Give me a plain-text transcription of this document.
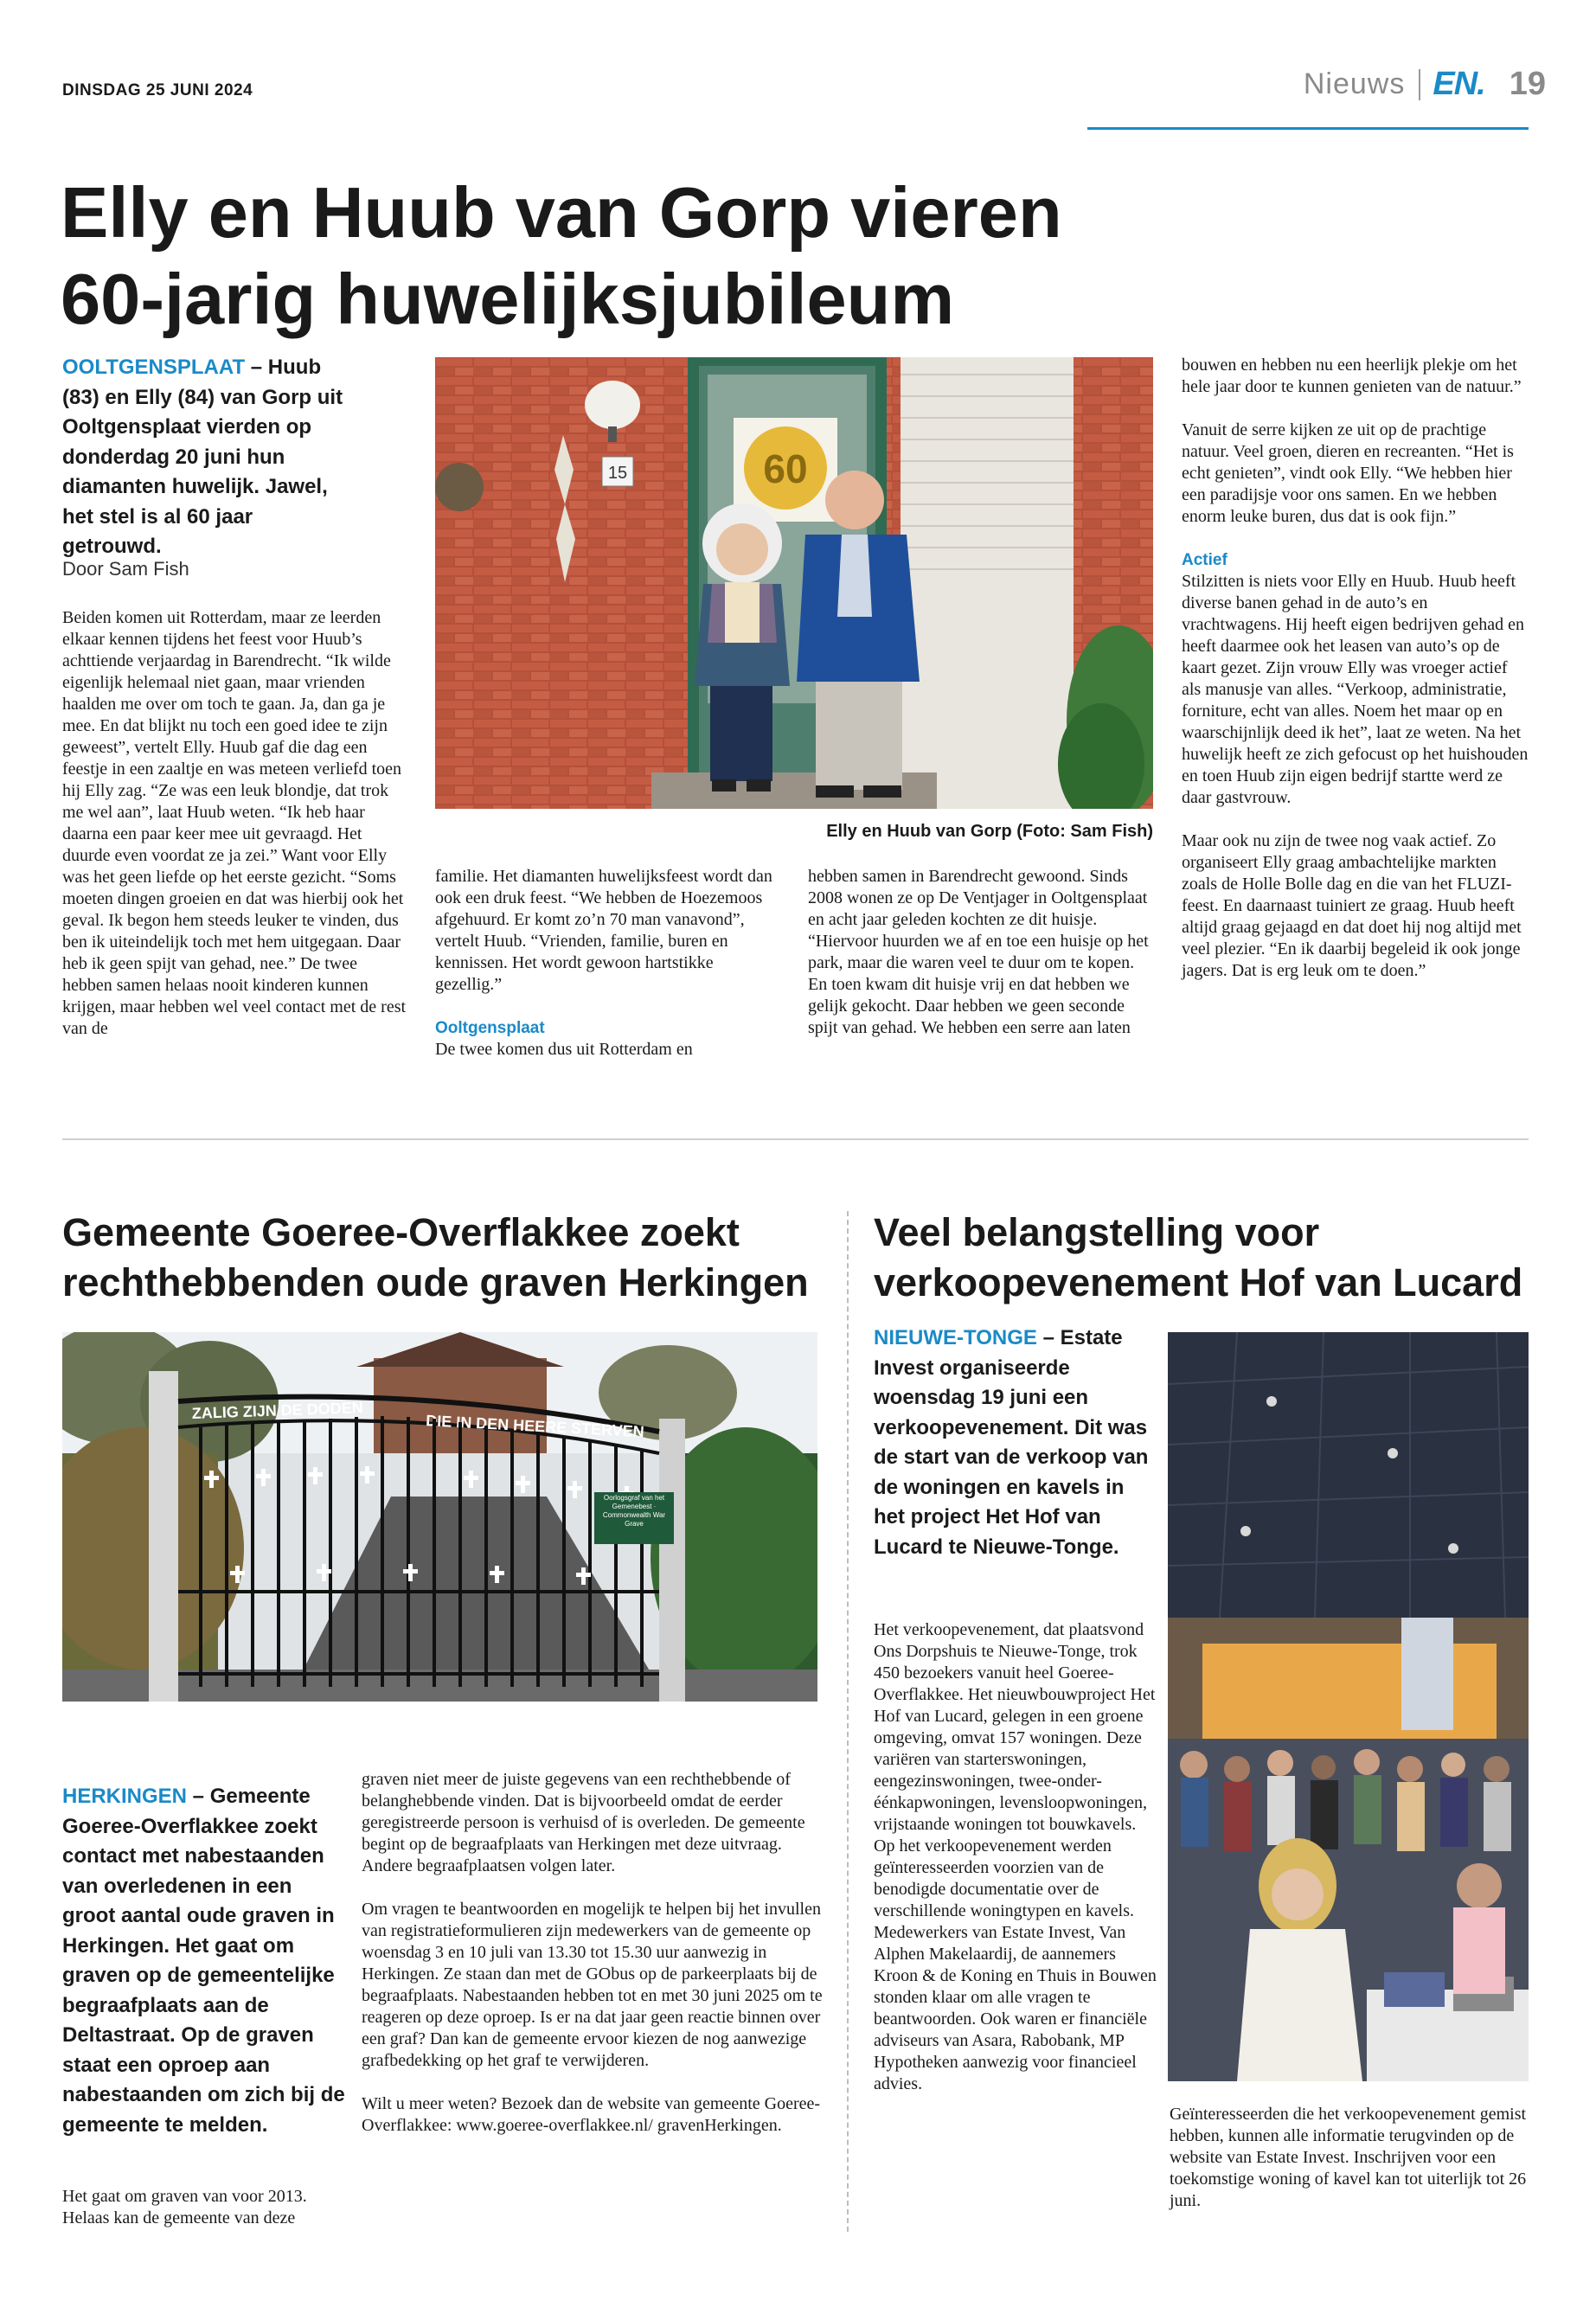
DINSDAG 25 JUNI 2024	Nieuws EN. 19
Elly en Huub van Gorp vieren
60-jarig huwelijksjubileum
OOLTGENSPLAAT – Huub (83) en Elly (84) van Gorp uit Ooltgensplaat vierden op donderdag 20 juni hun diamanten huwelijk. Jawel, het stel is al 60 jaar getrouwd.
Door Sam Fish

Beiden komen uit Rotterdam, maar ze leerden elkaar kennen tijdens het feest voor Huub’s achttiende verjaardag in Barendrecht. “Ik wilde eigenlijk helemaal niet gaan, maar vrienden haalden me over om toch te gaan. Ja, dan ga je mee. En dat blijkt nu toch een goed idee te zijn geweest”, vertelt Elly. Huub gaf die dag een feestje in een zaaltje en was meteen verliefd toen hij Elly zag. “Ze was een leuk blondje, dat trok me wel aan”, laat Huub weten. “Ik heb haar daarna een paar keer mee uit gevraagd. Het duurde even voordat ze ja zei.” Want voor Elly was het geen liefde op het eerste gezicht. “Soms moeten dingen groeien en dat was hierbij ook het geval. Ik begon hem steeds leuker te vinden, dus ben ik uiteindelijk toch met hem uitgegaan. Daar heb ik geen spijt van gehad, nee.” De twee hebben samen helaas nooit kinderen kunnen krijgen, maar hebben wel veel contact met de rest van de

15	60
Elly en Huub van Gorp (Foto: Sam Fish)

familie. Het diamanten huwelijksfeest wordt dan ook een druk feest. “We hebben de Hoezemoos afgehuurd. Er komt zo’n 70 man vanavond”, vertelt Huub. “Vrienden, familie, buren en kennissen. Het wordt gewoon hartstikke gezellig.”

Ooltgensplaat

De twee komen dus uit Rotterdam en

hebben samen in Barendrecht gewoond. Sinds 2008 wonen ze op De Ventjager in Ooltgensplaat en acht jaar geleden kochten ze dit huisje. “Hiervoor huurden we af en toe een huisje op het park, maar die waren veel te duur om te kopen. En toen kwam dit huisje vrij en dat hebben we gelijk gekocht. Daar hebben we geen seconde spijt van gehad. We hebben een serre aan laten

bouwen en hebben nu een heerlijk plekje om het hele jaar door te kunnen genieten van de natuur.”

Vanuit de serre kijken ze uit op de prachtige natuur. Veel groen, dieren en recreanten. “Het is echt genieten”, vindt ook Elly. “We hebben hier een paradijsje voor ons samen. En we hebben enorm leuke buren, dus dat is ook fijn.”

Actief

Stilzitten is niets voor Elly en Huub. Huub heeft diverse banen gehad in de auto’s en vrachtwagens. Hij heeft eigen bedrijven gehad en heeft daarmee ook het leasen van auto’s op de kaart gezet. Zijn vrouw Elly was vroeger actief als manusje van alles. “Verkoop, administratie, forniture, echt van alles. Noem het maar op en waarschijnlijk deed ik het”, laat ze weten. Na het huwelijk heeft ze zich gefocust op het huishouden en toen Huub zijn eigen bedrijf startte werd ze daar gastvrouw.

Maar ook nu zijn de twee nog vaak actief. Zo organiseert Elly graag ambachtelijke markten zoals de Holle Bolle dag en die van het FLUZI-feest. En daarnaast tuiniert ze graag. Huub heeft altijd graag gejaagd en dat doet hij nog altijd met veel plezier. “En ik daarbij begeleid ik ook jonge jagers. Dat is erg leuk om te doen.”

Gemeente Goeree-Overflakkee zoekt
rechthebbenden oude graven Herkingen
ZALIG ZIJN DE DODEN
DIE IN DEN HEERE STERVEN
Oorlogsgraf van het Gemenebest · Commonwealth War Grave
HERKINGEN – Gemeente Goeree-Overflakkee zoekt contact met nabestaanden van overledenen in een groot aantal oude graven in Herkingen. Het gaat om graven op de gemeentelijke begraafplaats aan de Deltastraat. Op de graven staat een oproep aan nabestaanden om zich bij de gemeente te melden.

Het gaat om graven van voor 2013. Helaas kan de gemeente van deze

graven niet meer de juiste gegevens van een rechthebbende of belanghebbende vinden. Dat is bijvoorbeeld omdat de eerder geregistreerde persoon is verhuisd of is overleden. De gemeente begint op de begraafplaats van Herkingen met deze uitvraag. Andere begraafplaatsen volgen later.

Om vragen te beantwoorden en mogelijk te helpen bij het invullen van registratieformulieren zijn medewerkers van de gemeente op woensdag 3 en 10 juli van 13.30 tot 15.30 uur aanwezig in Herkingen. Ze staan dan met de GObus op de parkeerplaats bij de begraafplaats. Nabestaanden hebben tot en met 30 juni 2025 om te reageren op deze oproep. Is er na dat jaar geen reactie binnen over een graf? Dan kan de gemeente ervoor kiezen de nog aanwezige grafbedekking op het graf te verwijderen.

Wilt u meer weten? Bezoek dan de website van gemeente Goeree-Overflakkee: www.goeree-overflakkee.nl/ gravenHerkingen.

Veel belangstelling voor
verkoopevenement Hof van Lucard
NIEUWE-TONGE – Estate Invest organiseerde woensdag 19 juni een verkoopevenement. Dit was de start van de verkoop van de woningen en kavels in het project Het Hof van Lucard te Nieuwe-Tonge.

Het verkoopevenement, dat plaatsvond Ons Dorpshuis te Nieuwe-Tonge, trok 450 bezoekers vanuit heel Goeree-Overflakkee. Het nieuwbouwproject Het Hof van Lucard, gelegen in een groene omgeving, omvat 157 woningen. Deze variëren van starterswoningen, eengezinswoningen, twee-onder-éénkapwoningen, levensloopwoningen, vrijstaande woningen tot bouwkavels. Op het verkoopevenement werden geïnteresseerden voorzien van de benodigde documentatie over de verschillende woningtypen en kavels. Medewerkers van Estate Invest, Van Alphen Makelaardij, de aannemers Kroon & de Koning en Thuis in Bouwen stonden klaar om alle vragen te beantwoorden. Ook waren er financiële adviseurs van Asara, Rabobank, MP Hypotheken aanwezig voor financieel advies.

Geïnteresseerden die het verkoopevenement gemist hebben, kunnen alle informatie terugvinden op de website van Estate Invest. Inschrijven voor een toekomstige woning of kavel kan tot uiterlijk tot 26 juni.
